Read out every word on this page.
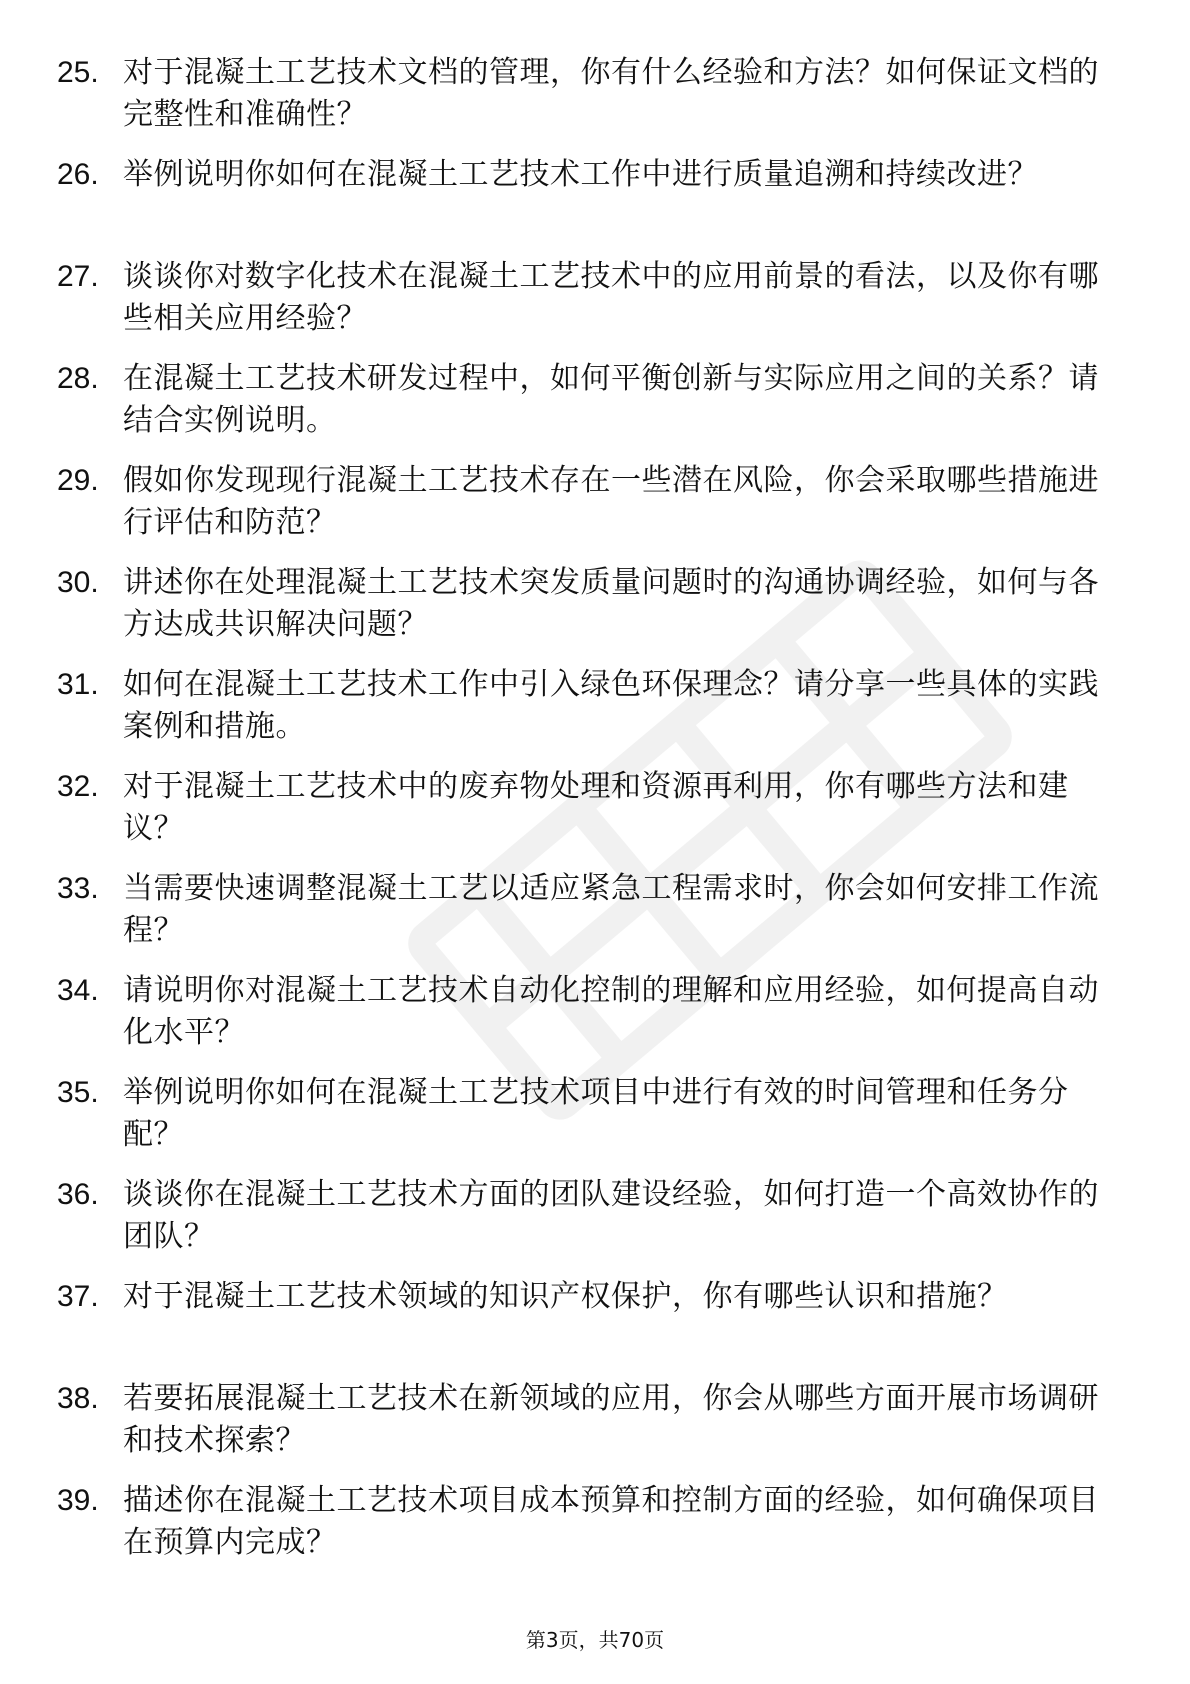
25. 对于混凝土工艺技术文档的管理，你有什么经验和方法？如何保证文档的完整性和准确性？
26. 举例说明你如何在混凝土工艺技术工作中进行质量追溯和持续改进？
27. 谈谈你对数字化技术在混凝土工艺技术中的应用前景的看法，以及你有哪些相关应用经验？
28. 在混凝土工艺技术研发过程中，如何平衡创新与实际应用之间的关系？请结合实例说明。
29. 假如你发现现行混凝土工艺技术存在一些潜在风险，你会采取哪些措施进行评估和防范？
30. 讲述你在处理混凝土工艺技术突发质量问题时的沟通协调经验，如何与各方达成共识解决问题？
31. 如何在混凝土工艺技术工作中引入绿色环保理念？请分享一些具体的实践案例和措施。
32. 对于混凝土工艺技术中的废弃物处理和资源再利用，你有哪些方法和建议？
33. 当需要快速调整混凝土工艺以适应紧急工程需求时，你会如何安排工作流程？
34. 请说明你对混凝土工艺技术自动化控制的理解和应用经验，如何提高自动化水平？
35. 举例说明你如何在混凝土工艺技术项目中进行有效的时间管理和任务分配？
36. 谈谈你在混凝土工艺技术方面的团队建设经验，如何打造一个高效协作的团队？
37. 对于混凝土工艺技术领域的知识产权保护，你有哪些认识和措施？
38. 若要拓展混凝土工艺技术在新领域的应用，你会从哪些方面开展市场调研和技术探索？
39. 描述你在混凝土工艺技术项目成本预算和控制方面的经验，如何确保项目在预算内完成？
第3页，共70页
